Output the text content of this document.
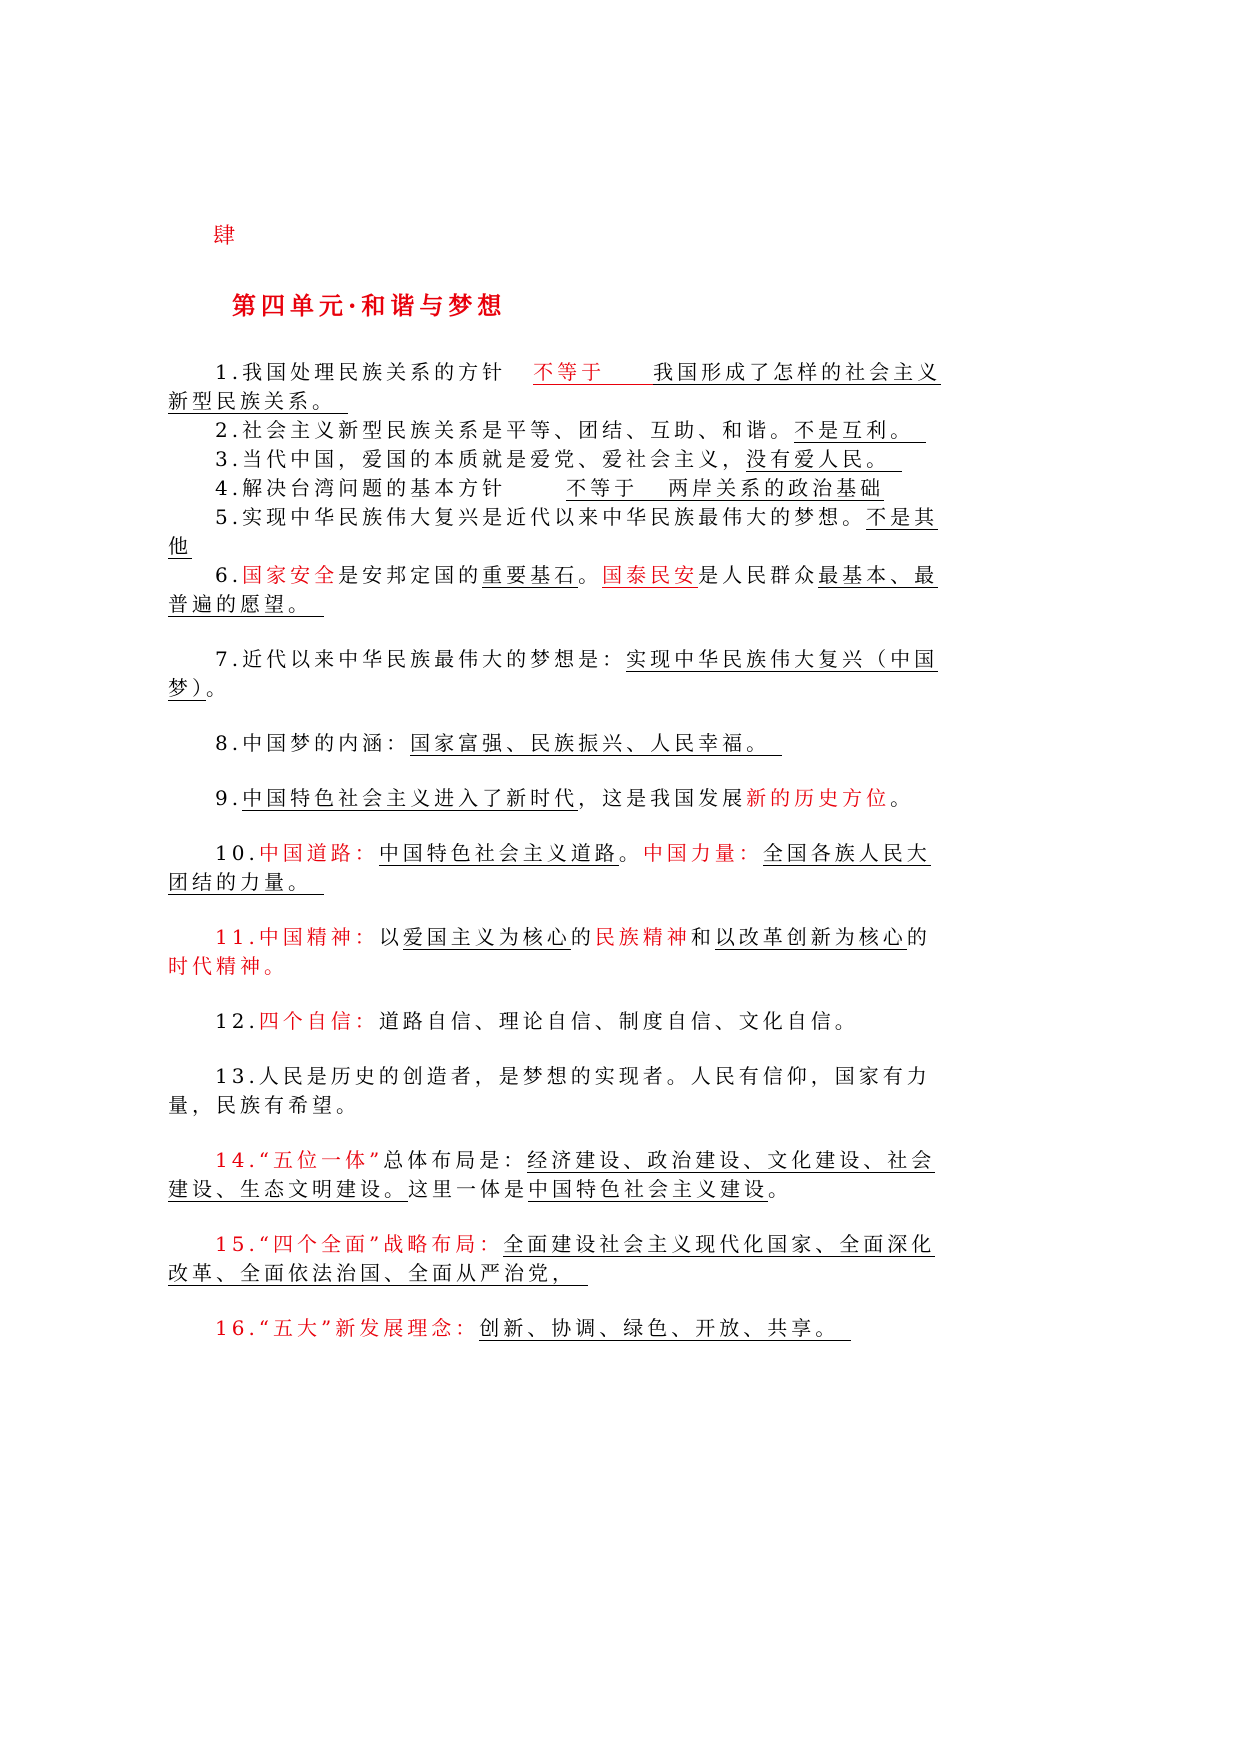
肆
第四单元·和谐与梦想
1.我国处理民族关系的方针 不等于 我国形成了怎样的社会主义新型民族关系。
2.社会主义新型民族关系是平等、团结、互助、和谐。不是互利。
3.当代中国，爱国的本质就是爱党、爱社会主义，没有爱人民。
4.解决台湾问题的基本方针	不等于 两岸关系的政治基础
5.实现中华民族伟大复兴是近代以来中华民族最伟大的梦想。不是其他
6.国家安全是安邦定国的重要基石。国泰民安是人民群众最基本、最普遍的愿望。
7.近代以来中华民族最伟大的梦想是：实现中华民族伟大复兴（中国梦）。
8.中国梦的内涵：国家富强、民族振兴、人民幸福。
9.中国特色社会主义进入了新时代，这是我国发展新的历史方位。
10.中国道路：中国特色社会主义道路。中国力量：全国各族人民大团结的力量。
11.中国精神：以爱国主义为核心的民族精神和以改革创新为核心的时代精神。
12.四个自信：道路自信、理论自信、制度自信、文化自信。
13.人民是历史的创造者，是梦想的实现者。人民有信仰，国家有力量，民族有希望。
14.“五位一体”总体布局是：经济建设、政治建设、文化建设、社会建设、生态文明建设。这里一体是中国特色社会主义建设。
15.“四个全面”战略布局：全面建设社会主义现代化国家、全面深化改革、全面依法治国、全面从严治党，
16.“五大”新发展理念：创新、协调、绿色、开放、共享。
